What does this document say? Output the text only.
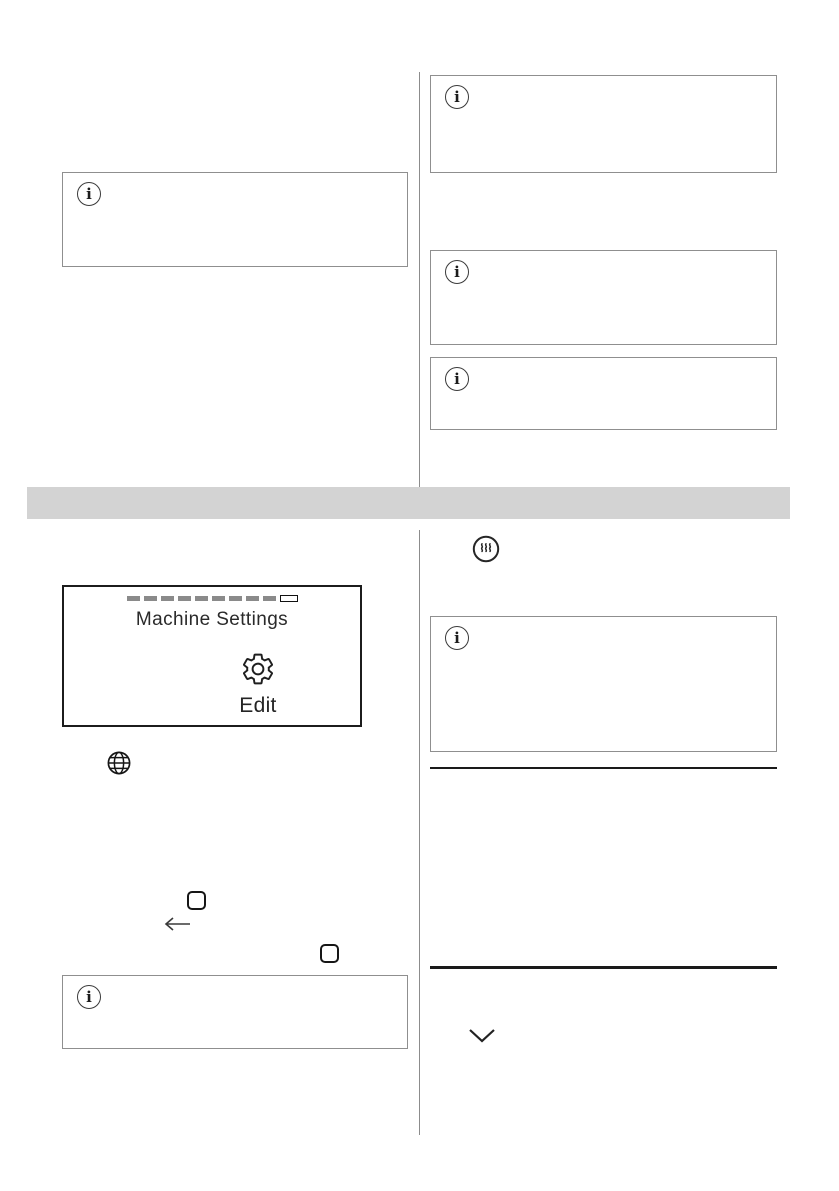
i
i
i
i
i
i
Machine Settings
Edit
